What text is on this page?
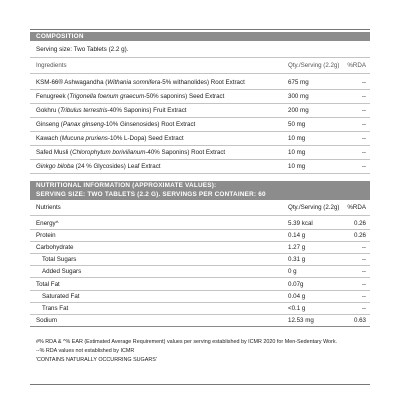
COMPOSITION
Serving size: Two Tablets (2.2 g).
Ingredients	Qty./Serving (2.2g) %RDA
KSM-66® Ashwagandha (Withania somnifera-5% withanolides) Root Extract	675 mg	--
Fenugreek (Trigonella foenum graecum-50% saponins) Seed Extract	300 mg	--
Gokhru (Tribulus terrestris-40% Saponins) Fruit Extract	200 mg	--
Ginseng (Panax ginseng-10% Ginsenosides) Root Extract	50 mg	--
Kawach (Mucuna pruriens-10% L-Dopa) Seed Extract	10 mg	--
Safed Musli (Chlorophytum borivilianum-40% Saponins) Root Extract	10 mg	--
Ginkgo biloba (24 % Glycosides) Leaf Extract	10 mg	--
NUTRITIONAL INFORMATION (APPROXIMATE VALUES):
SERVING SIZE: TWO TABLETS (2.2 G). SERVINGS PER CONTAINER: 60
Nutrients	Qty./Serving (2.2g) %RDA
Energy^	5.39 kcal	0.26
Protein	0.14 g	0.26
Carbohydrate	1.27 g	--
Total Sugars	0.31 g	--
Added Sugars	0 g	--
Total Fat	0.07g	--
Saturated Fat	0.04 g	--
Trans Fat	<0.1 g	--
Sodium	12.53 mg	0.63
#% RDA & ^% EAR (Estimated Average Requirement) values per serving established by ICMR 2020 for Men-Sedentary Work.
--% RDA values not established by ICMR
'CONTAINS NATURALLY OCCURRING SUGARS'
